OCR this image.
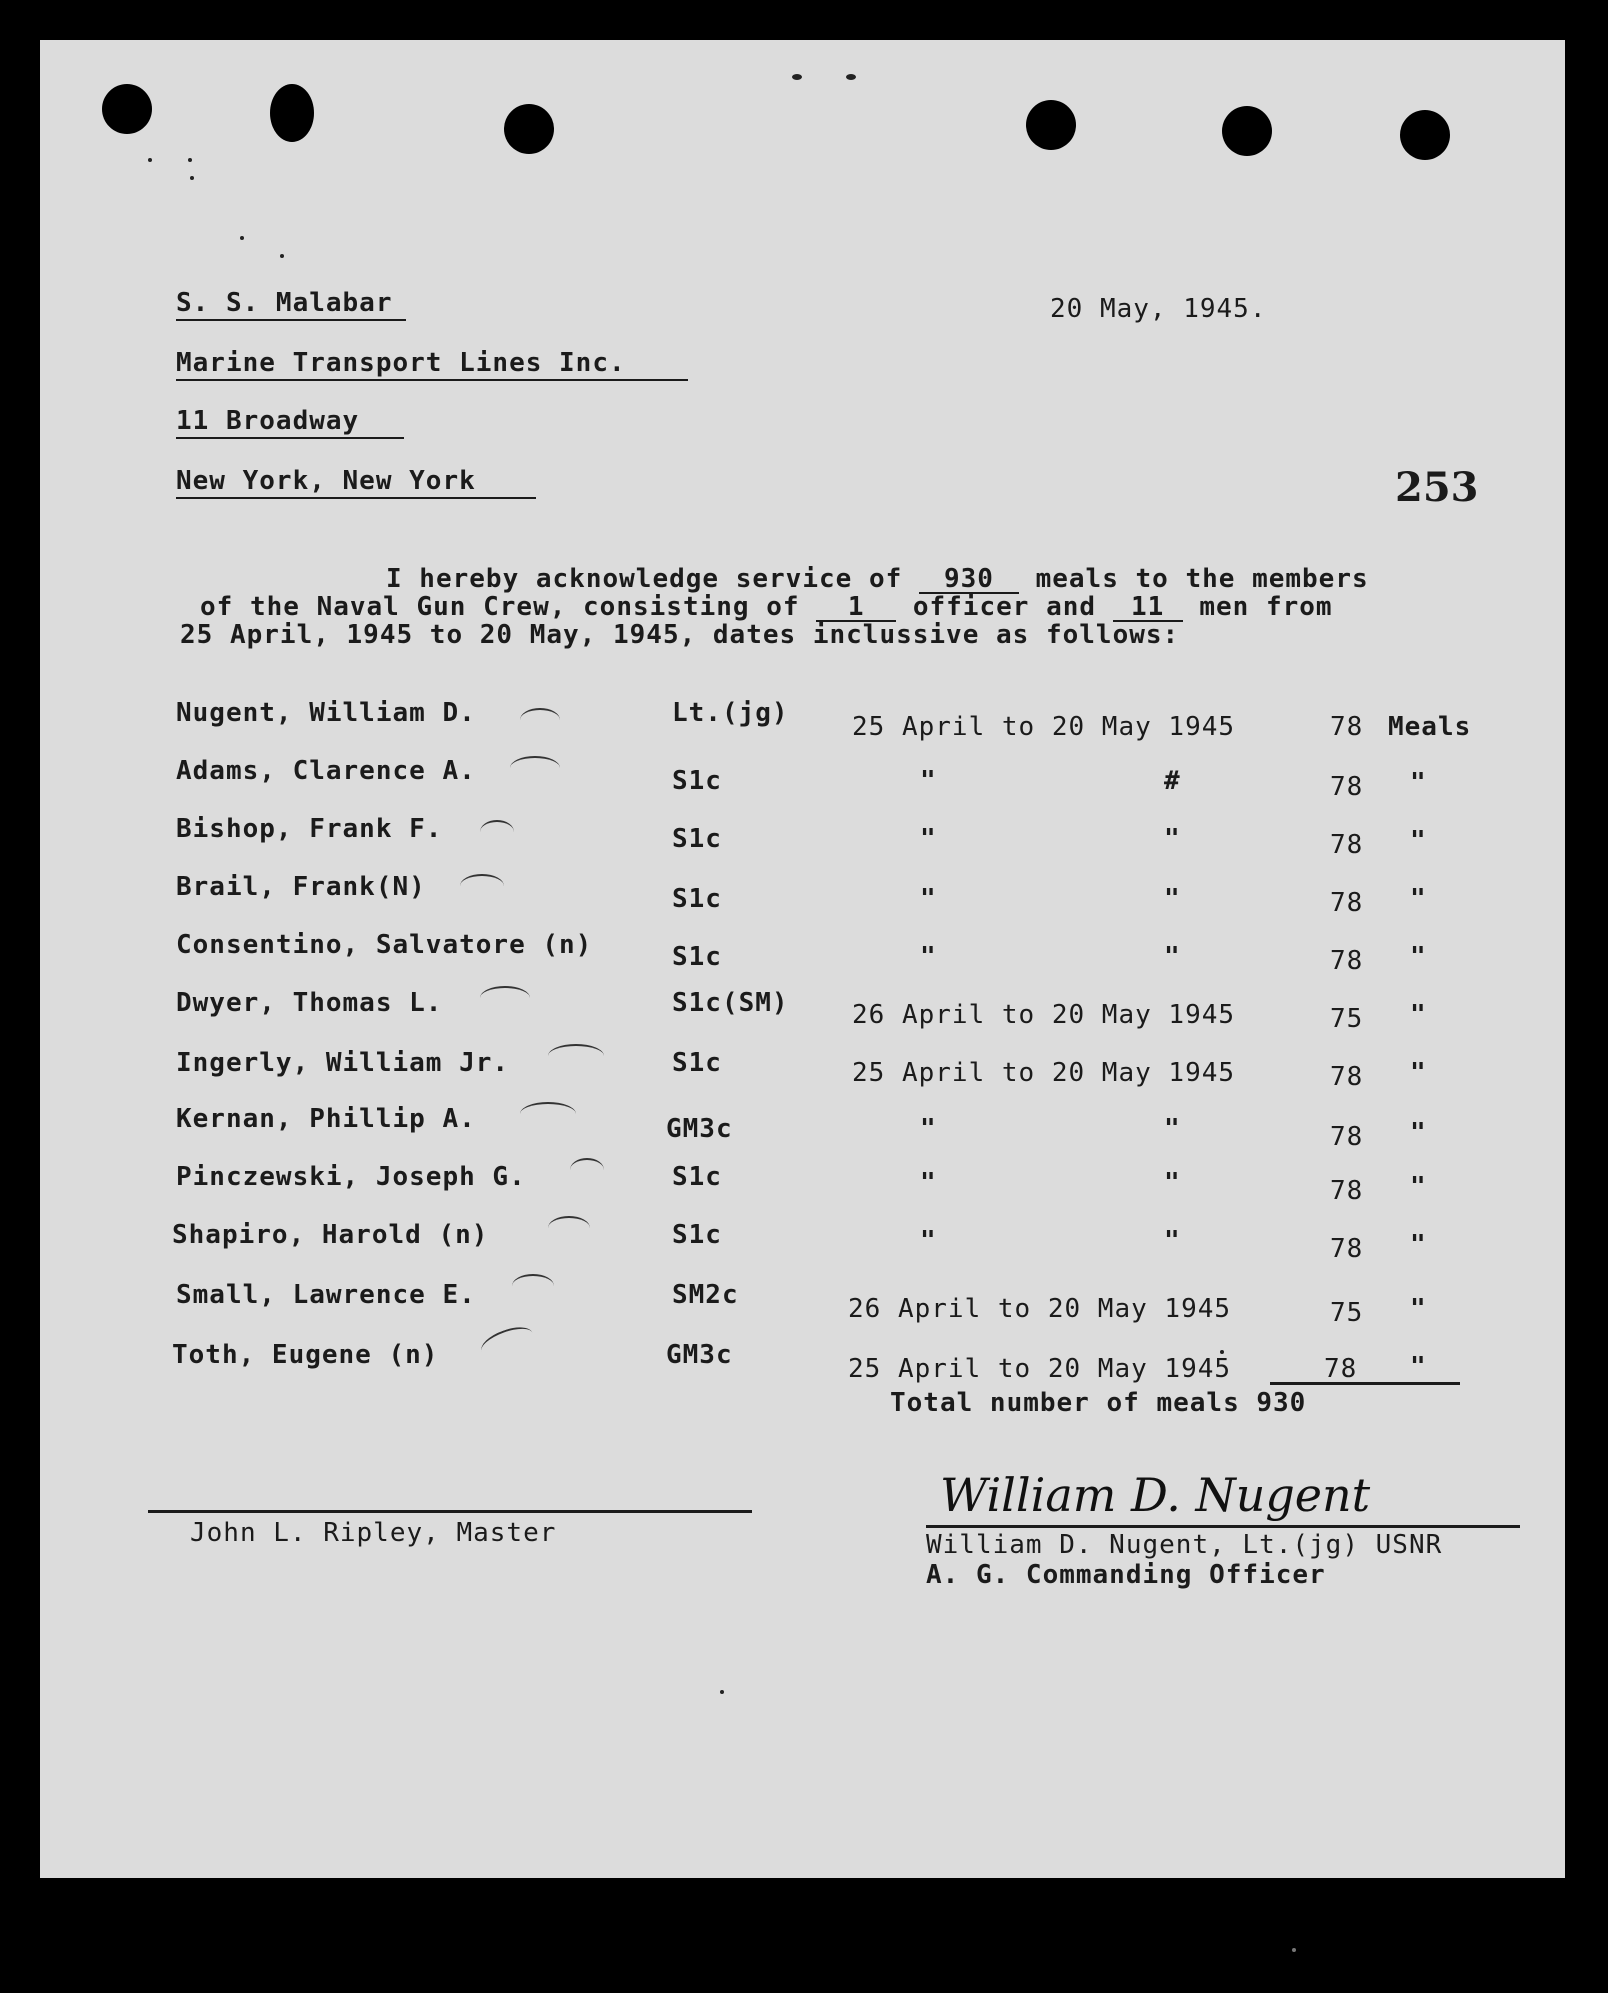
S. S. Malabar	20 May, 1945.
Marine Transport Lines Inc.
11 Broadway
New York, New York	253
I hereby acknowledge service of 930 meals to the members
of the Naval Gun Crew, consisting of 1 officer and 11 men from
25 April, 1945 to 20 May, 1945, dates inclussive as follows:
Nugent, William D.	Lt.(jg) 25 April to 20 May 1945	78 Meals
Adams, Clarence A.	S1c	"	#	78 "
Bishop, Frank F.	S1c	"	"	78 "
Brail, Frank(N)	S1c	"	"	78 "
Consentino, Salvatore (n)	S1c	"	"	78 "
Dwyer, Thomas L.	S1c(SM) 26 April to 20 May 1945	75 "
Ingerly, William Jr.	S1c	25 April to 20 May 1945	78 "
Kernan, Phillip A.	GM3c	"	"	78 "
Pinczewski, Joseph G.	S1c	"	"	78 "
Shapiro, Harold (n)	S1c	"	"	78 "
Small, Lawrence E.	SM2c	26 April to 20 May 1945	75 "
Toth, Eugene (n)	GM3c	25 April to 20 May 1945	78 "
Total number of meals 930
John L. Ripley, Master
William D. Nugent
William D. Nugent, Lt.(jg) USNR
A. G. Commanding Officer
